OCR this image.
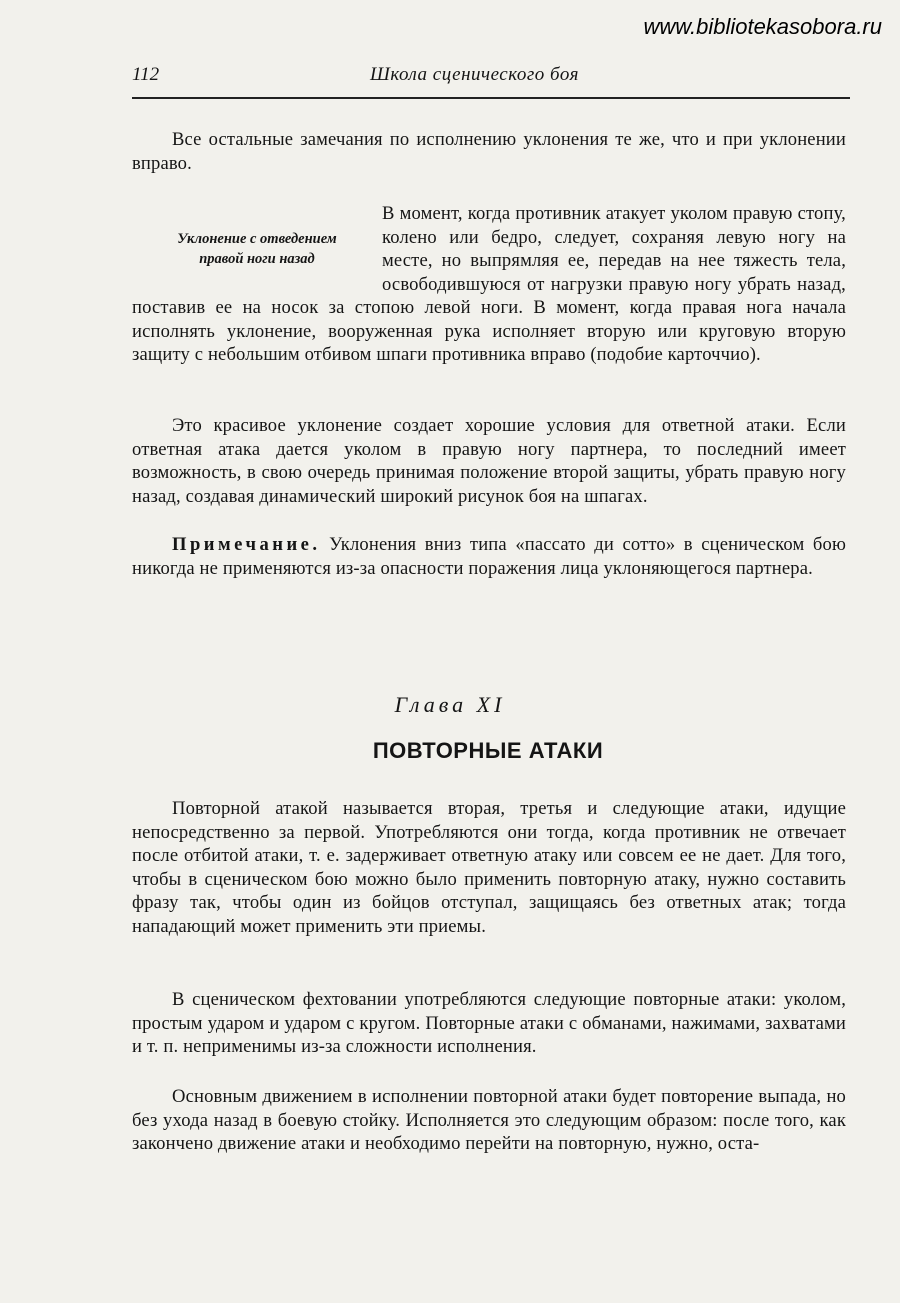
www.bibliotekasobora.ru
112	Школа сценического боя

Все остальные замечания по исполнению уклонения те же, что и при уклонении вправо.

Уклонение с отведением
правой ноги назад

В момент, когда противник атакует уколом правую стопу, колено или бедро, следует, сохраняя левую ногу на месте, но выпрямляя ее, передав на нее тяжесть тела, освободившуюся от нагрузки правую ногу убрать назад, поставив ее на носок за стопою левой ноги. В момент, когда правая нога начала исполнять уклонение, вооруженная рука исполняет вторую или круговую вторую защиту с небольшим отбивом шпаги противника вправо (подобие карточчио).

Это красивое уклонение создает хорошие условия для ответной атаки. Если ответная атака дается уколом в правую ногу партнера, то последний имеет возможность, в свою очередь принимая положение второй защиты, убрать правую ногу назад, создавая динамический широкий рисунок боя на шпагах.

Примечание. Уклонения вниз типа «пассато ди сотто» в сценическом бою никогда не применяются из-за опасности поражения лица уклоняющегося партнера.

Глава XI
ПОВТОРНЫЕ АТАКИ

Повторной атакой называется вторая, третья и следующие атаки, идущие непосредственно за первой. Употребляются они тогда, когда противник не отвечает после отбитой атаки, т. е. задерживает ответную атаку или совсем ее не дает. Для того, чтобы в сценическом бою можно было применить повторную атаку, нужно составить фразу так, чтобы один из бойцов отступал, защищаясь без ответных атак; тогда нападающий может применить эти приемы.

В сценическом фехтовании употребляются следующие повторные атаки: уколом, простым ударом и ударом с кругом. Повторные атаки с обманами, нажимами, захватами и т. п. неприменимы из-за сложности исполнения.

Основным движением в исполнении повторной атаки будет повторение выпада, но без ухода назад в боевую стойку. Исполняется это следующим образом: после того, как закончено движение атаки и необходимо перейти на повторную, нужно, оста-
